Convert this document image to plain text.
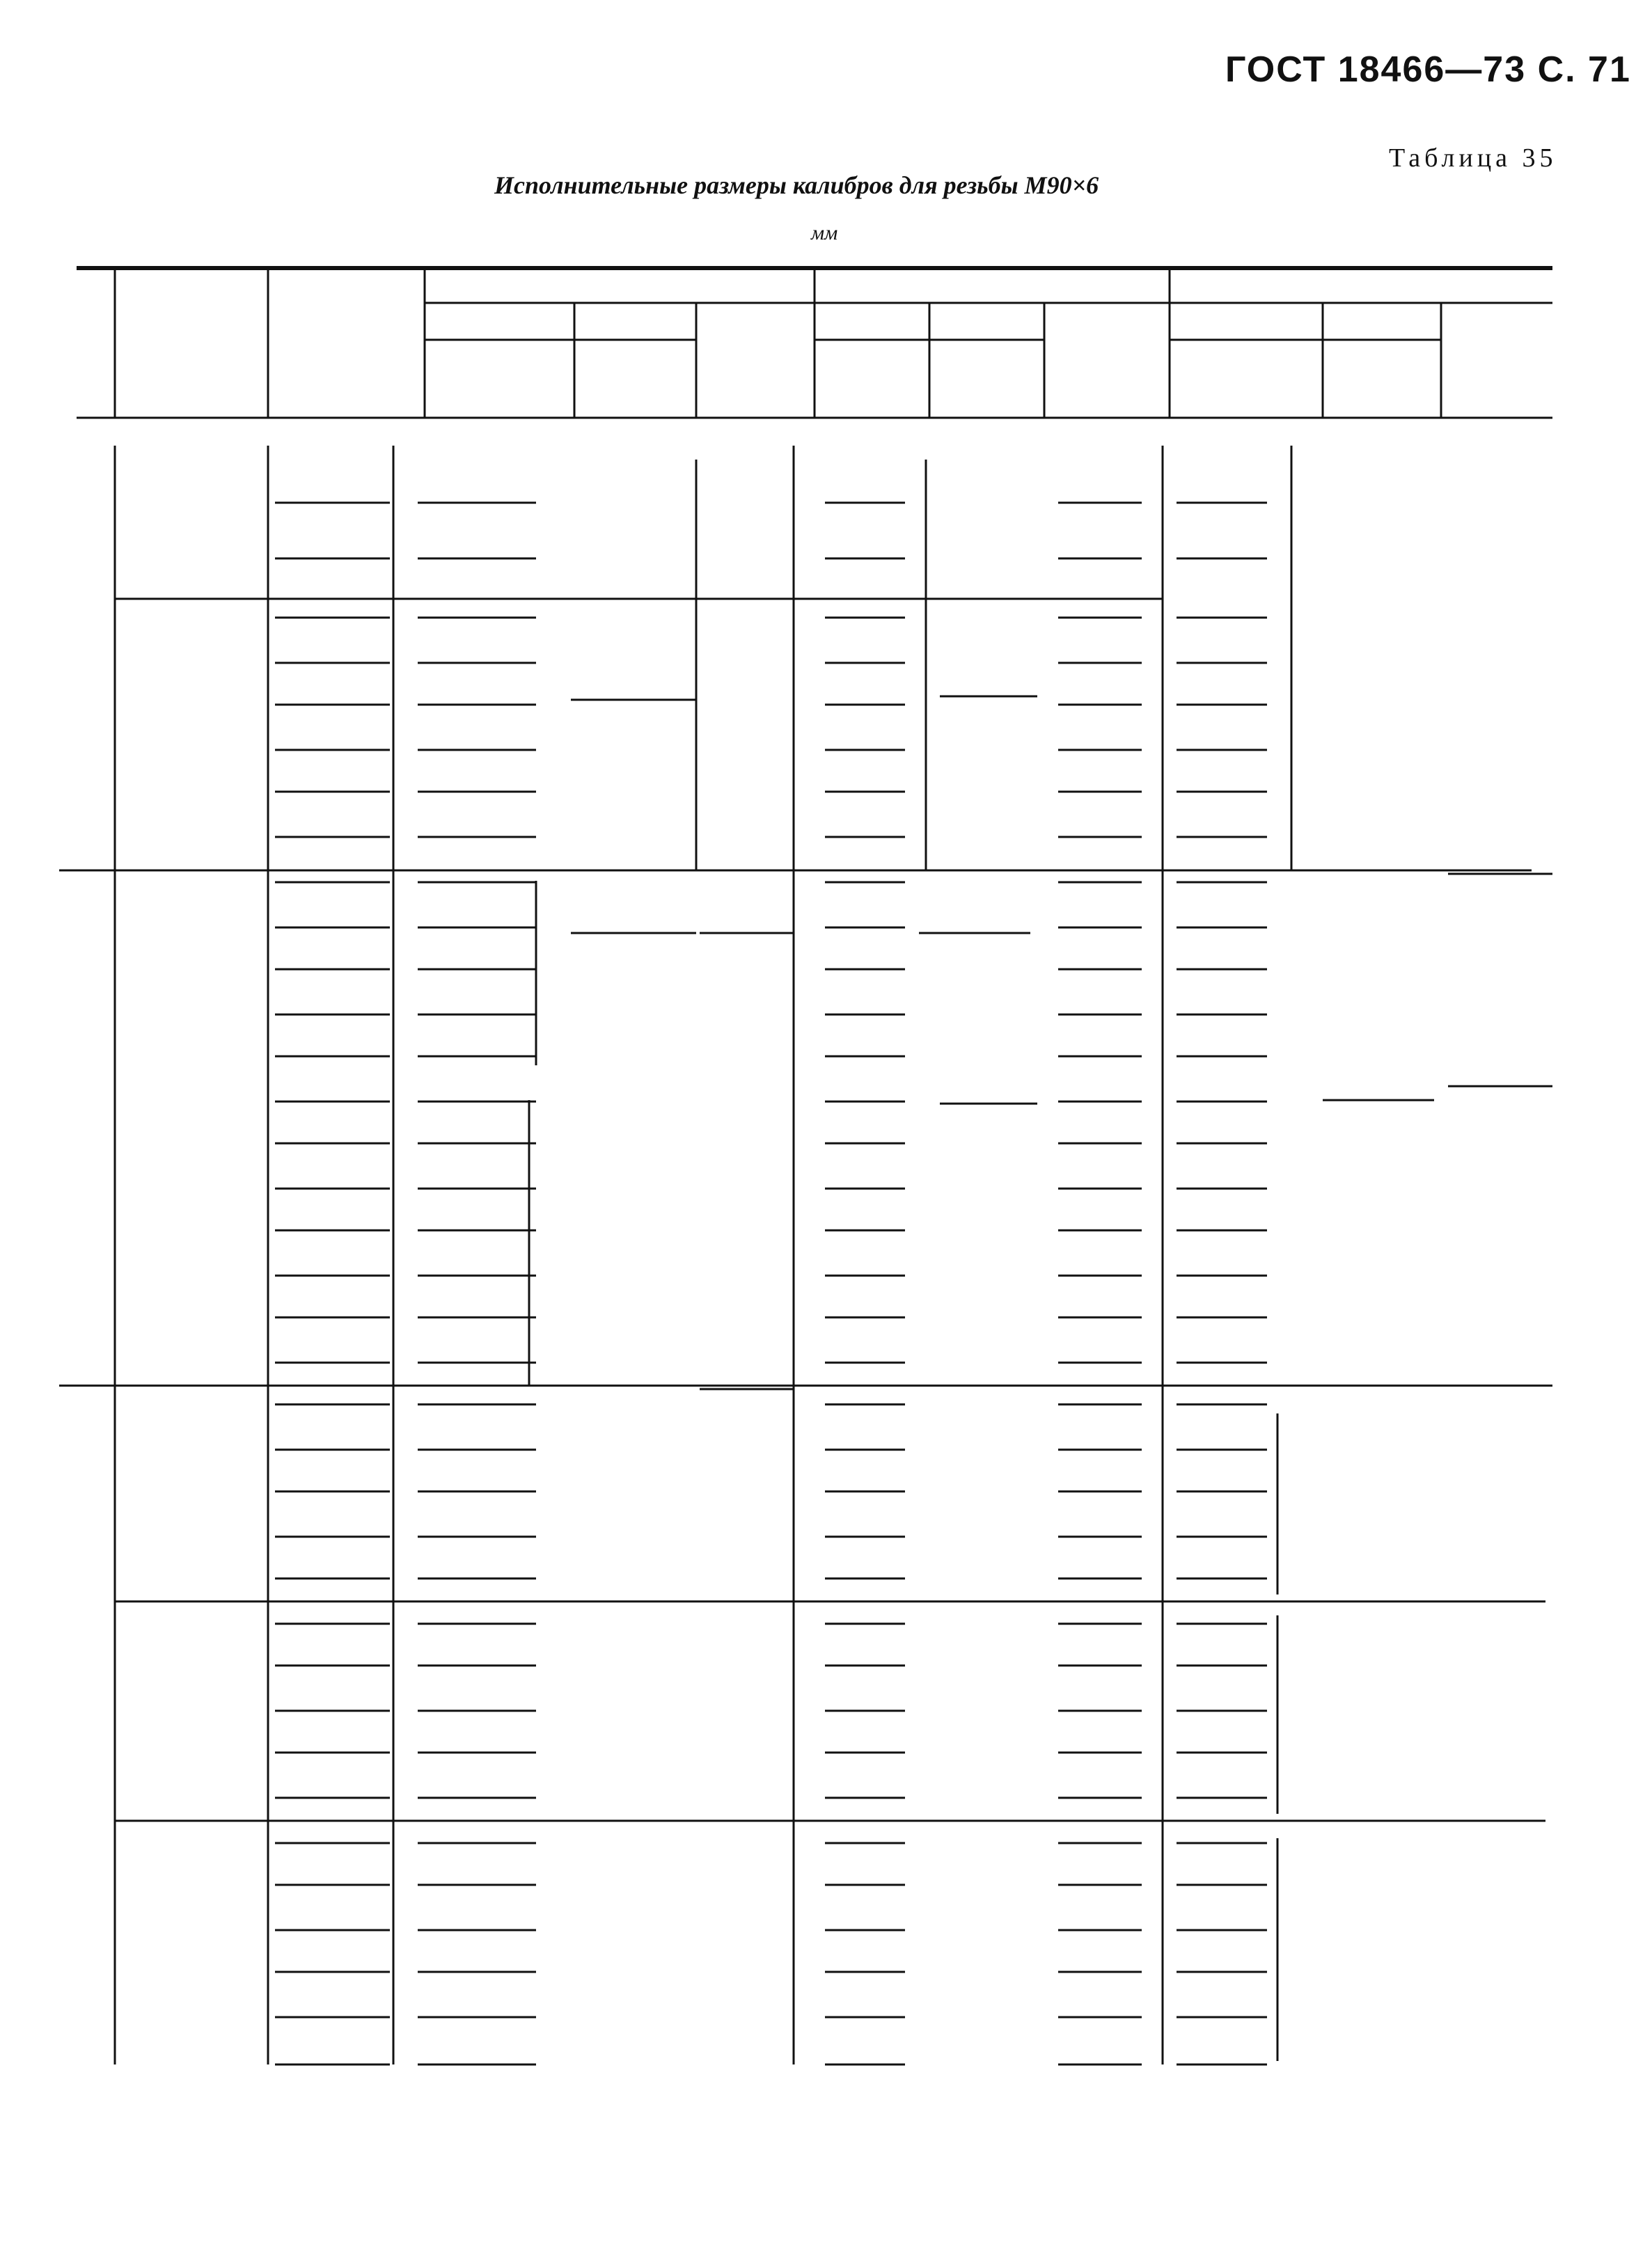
ГОСТ 18466—73 С. 71
Таблица 35
Исполнительные размеры калибров для резьбы М90×6
мм
